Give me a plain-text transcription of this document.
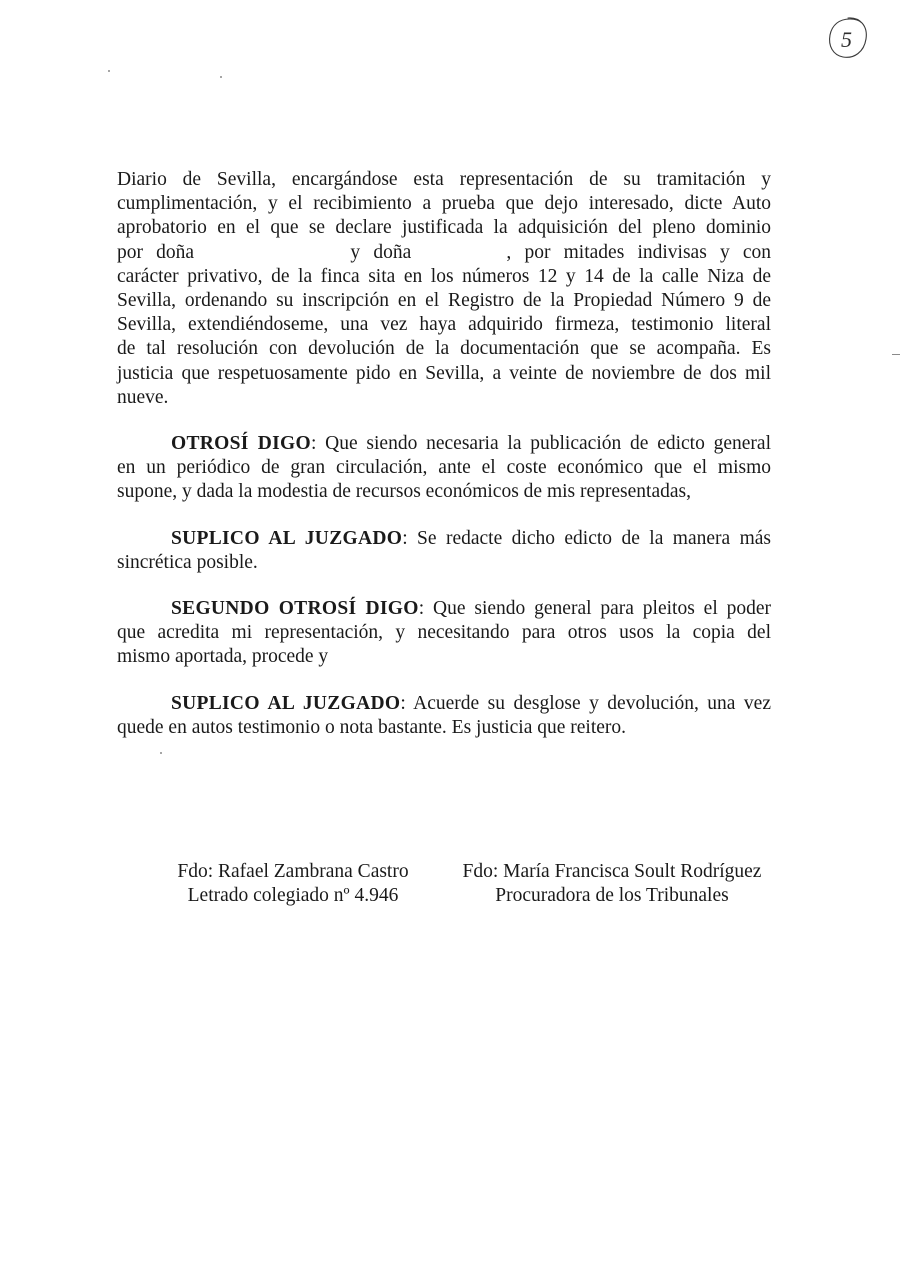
5
Diario de Sevilla, encargándose esta representación de su tramitación y
cumplimentación, y el recibimiento a prueba que dejo interesado, dicte Auto
aprobatorio en el que se declare justificada la adquisición del pleno dominio
por doña	y doña	, por mitades indivisas y con
carácter privativo, de la finca sita en los números 12 y 14 de la calle Niza de
Sevilla, ordenando su inscripción en el Registro de la Propiedad Número 9 de
Sevilla, extendiéndoseme, una vez haya adquirido firmeza, testimonio literal
de tal resolución con devolución de la documentación que se acompaña. Es
justicia que respetuosamente pido en Sevilla, a veinte de noviembre de dos mil
nueve.
OTROSÍ DIGO: Que siendo necesaria la publicación de edicto general
en un periódico de gran circulación, ante el coste económico que el mismo
supone, y dada la modestia de recursos económicos de mis representadas,
SUPLICO AL JUZGADO: Se redacte dicho edicto de la manera más
sincrética posible.
SEGUNDO OTROSÍ DIGO: Que siendo general para pleitos el poder
que acredita mi representación, y necesitando para otros usos la copia del
mismo aportada, procede y
SUPLICO AL JUZGADO: Acuerde su desglose y devolución, una vez
quede en autos testimonio o nota bastante. Es justicia que reitero.
Fdo: Rafael Zambrana Castro
Letrado colegiado nº 4.946
Fdo: María Francisca Soult Rodríguez
Procuradora de los Tribunales
